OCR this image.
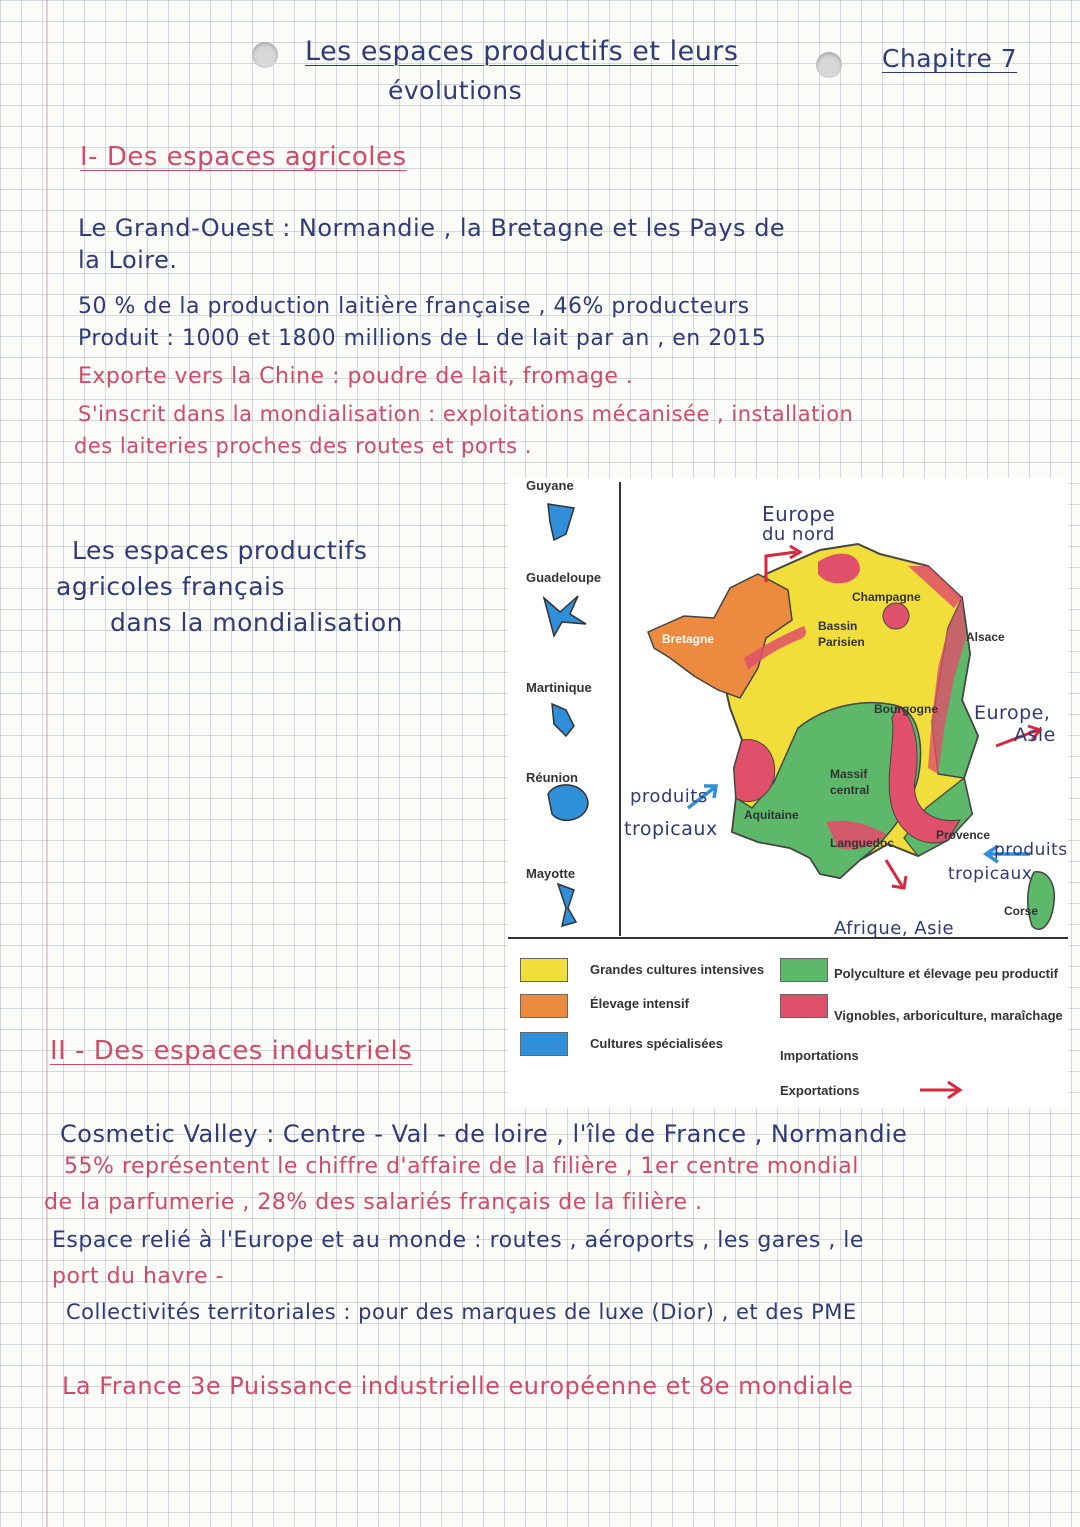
Les espaces productifs et leurs
évolutions
Chapitre 7
I- Des espaces agricoles
Le Grand-Ouest : Normandie , la Bretagne et les Pays de
la Loire.
50 % de la production laitière française , 46% producteurs
Produit : 1000 et 1800 millions de L de lait par an , en 2015
Exporte vers la Chine : poudre de lait, fromage .
S'inscrit dans la mondialisation : exploitations mécanisée , installation
des laiteries proches des routes et ports .
Les espaces productifs
agricoles français
dans la mondialisation
Guyane
Guadeloupe
Martinique
Réunion
Mayotte
Champagne
Bassin Parisien
Bretagne	Alsace
Bourgogne
Massif central
Aquitaine
Languedoc
Provence
Corse
Europe
du nord
Europe,
Asie
produits
tropicaux
produits
tropicaux
Afrique, Asie
Grandes cultures intensives
Élevage intensif
Cultures spécialisées
Polyculture et élevage peu productif
Vignobles, arboriculture, maraîchage
Importations
Exportations
II - Des espaces industriels
Cosmetic Valley : Centre - Val - de loire , l'île de France , Normandie
55% représentent le chiffre d'affaire de la filière , 1er centre mondial
de la parfumerie , 28% des salariés français de la filière .
Espace relié à l'Europe et au monde : routes , aéroports , les gares , le
port du havre -
Collectivités territoriales : pour des marques de luxe (Dior) , et des PME
La France 3e Puissance industrielle européenne et 8e mondiale
